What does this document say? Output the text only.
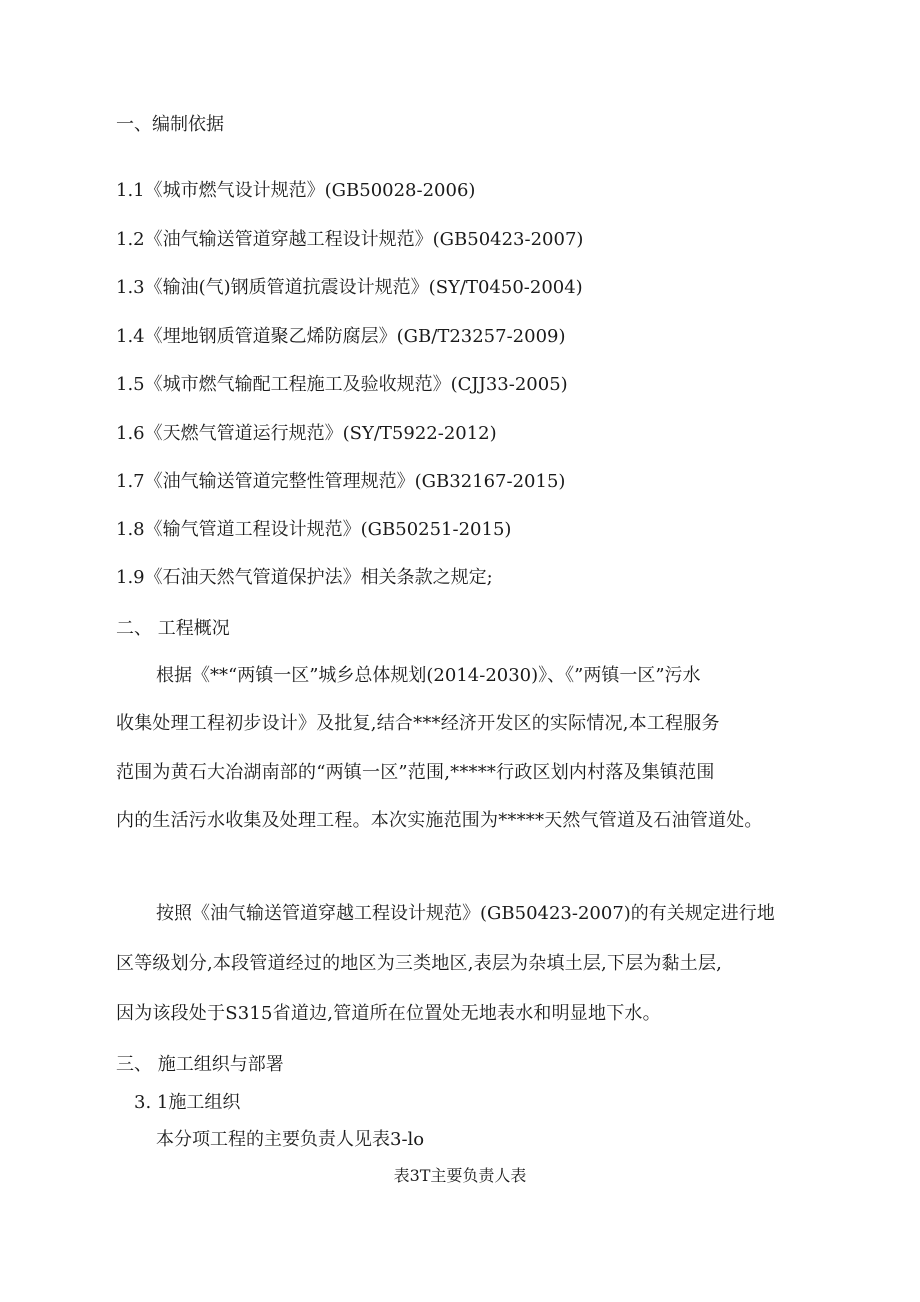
一、编制依据
1.1《城市燃气设计规范》(GB50028-2006)
1.2《油气输送管道穿越工程设计规范》(GB50423-2007)
1.3《输油(气)钢质管道抗震设计规范》(SY/T0450-2004)
1.4《埋地钢质管道聚乙烯防腐层》(GB/T23257-2009)
1.5《城市燃气输配工程施工及验收规范》(CJJ33-2005)
1.6《天燃气管道运行规范》(SY/T5922-2012)
1.7《油气输送管道完整性管理规范》(GB32167-2015)
1.8《输气管道工程设计规范》(GB50251-2015)
1.9《石油天然气管道保护法》相关条款之规定;
二、 工程概况
根据《**“两镇一区”城乡总体规划(2014-2030)》、《”两镇一区”污水
收集处理工程初步设计》及批复,结合***经济开发区的实际情况,本工程服务
范围为黄石大冶湖南部的“两镇一区”范围,*****行政区划内村落及集镇范围
内的生活污水收集及处理工程。本次实施范围为*****天然气管道及石油管道处。
按照《油气输送管道穿越工程设计规范》(GB50423-2007)的有关规定进行地
区等级划分,本段管道经过的地区为三类地区,表层为杂填土层,下层为黏土层,
因为该段处于S315省道边,管道所在位置处无地表水和明显地下水。
三、 施工组织与部署
3. 1施工组织
本分项工程的主要负责人见表3-lo
表3T主要负责人表
